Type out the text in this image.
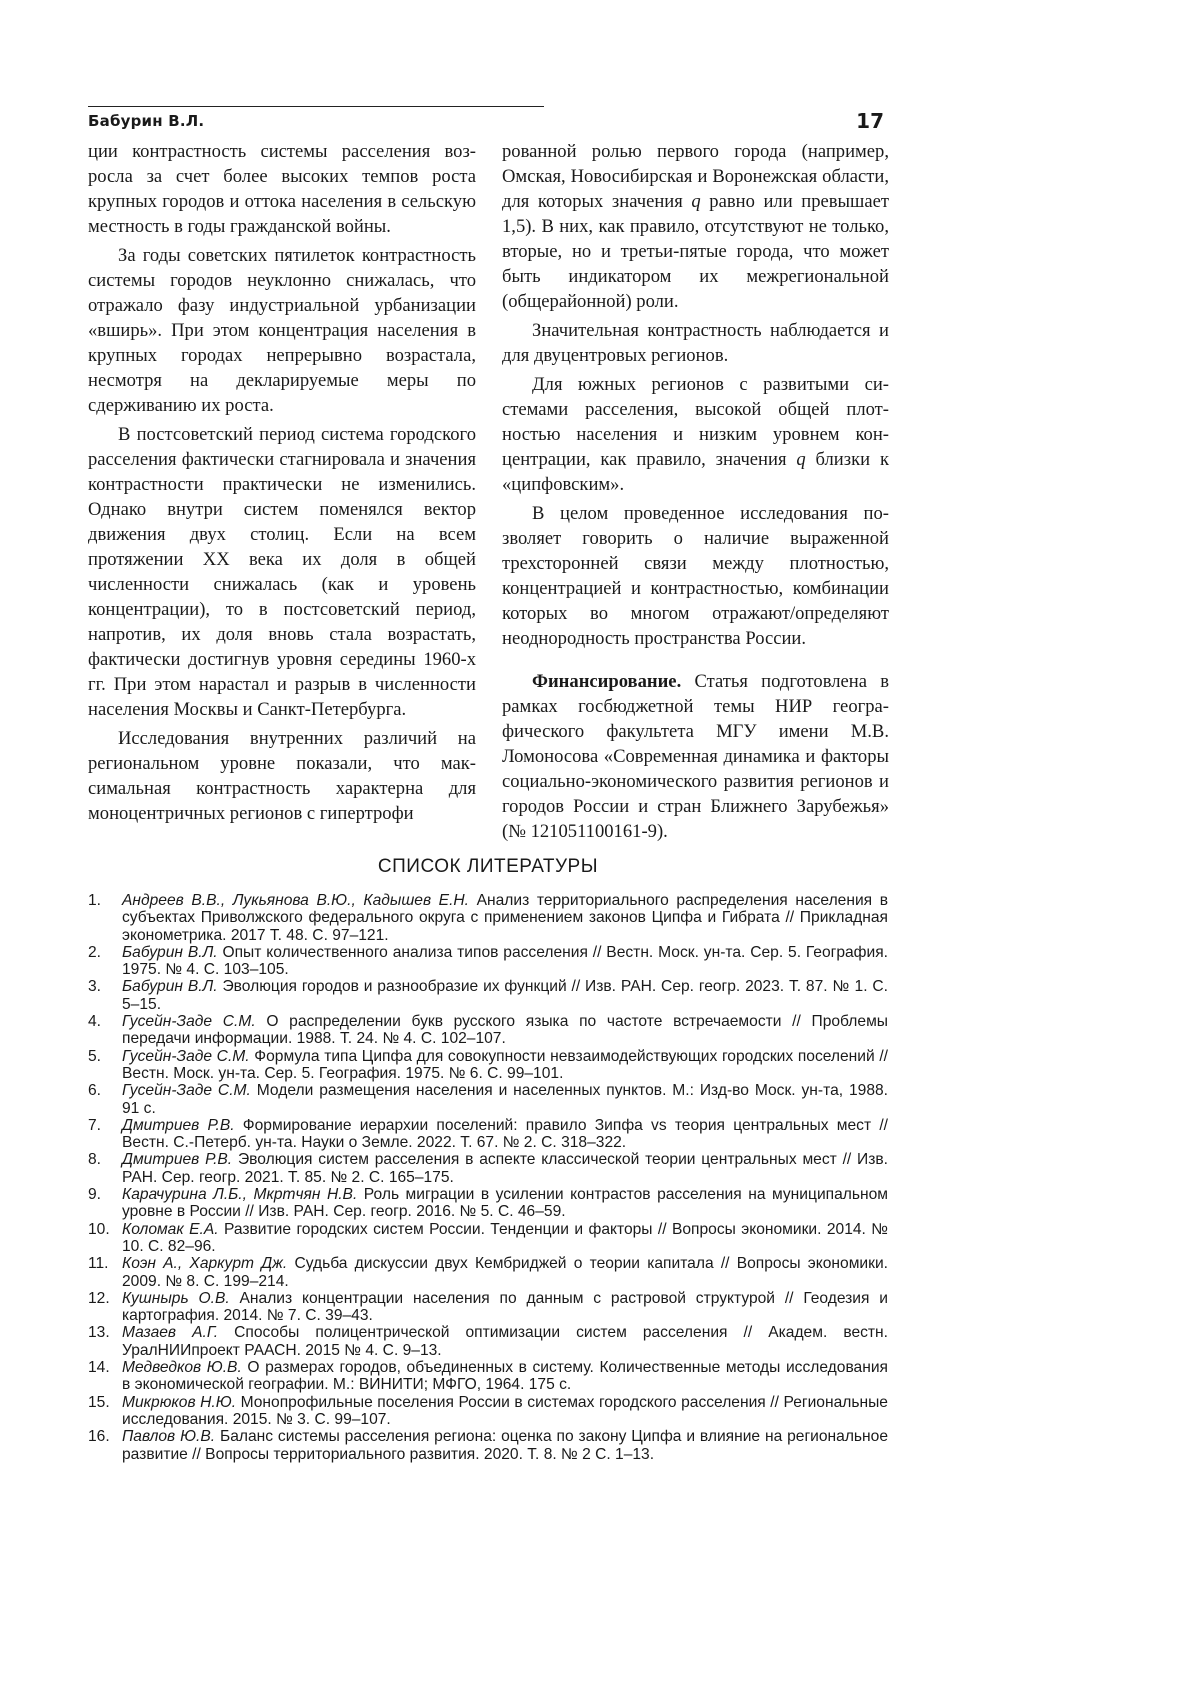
Бабурин В.Л.	17

ции контрастность системы расселения возросла за счет более высоких темпов роста крупных городов и оттока населения в сельскую местность в годы гражданской войны.

За годы советских пятилеток контрастность системы городов неуклонно снижалась, что отражало фазу индустриальной урбанизации «вширь». При этом концентрация населения в крупных городах непрерывно возрастала, несмотря на декларируемые меры по сдерживанию их роста.

В постсоветский период система городского расселения фактически стагнировала и значения контрастности практически не изменились. Однако внутри систем поменялся вектор движения двух столиц. Если на всем протяжении XX века их доля в общей численности снижалась (как и уровень концентрации), то в постсоветский период, напротив, их доля вновь стала возрастать, фактически достигнув уровня середины 1960-х гг. При этом нарастал и разрыв в численности населения Москвы и Санкт-Петербурга.

Исследования внутренних различий на региональном уровне показали, что максимальная контрастность характерна для моноцентричных регионов с гипертрофи

рованной ролью первого города (например, Омская, Новосибирская и Воронежская области, для которых значения q равно или превышает 1,5). В них, как правило, отсутствуют не только, вторые, но и третьи-пятые города, что может быть индикатором их межрегиональной (общерайонной) роли.

Значительная контрастность наблюдается и для двуцентровых регионов.

Для южных регионов с развитыми системами расселения, высокой общей плотностью населения и низким уровнем концентрации, как правило, значения q близки к «ципфовским».

В целом проведенное исследования позволяет говорить о наличие выраженной трехсторонней связи между плотностью, концентрацией и контрастностью, комбинации которых во многом отражают/определяют неоднородность пространства России.

Финансирование. Статья подготовлена в рамках госбюджетной темы НИР географического факультета МГУ имени М.В. Ломоносова «Современная динамика и факторы социально-экономического развития регионов и городов России и стран Ближнего Зарубежья» (№ 121051100161-9).

СПИСОК ЛИТЕРАТУРЫ
1.	Андреев В.В., Лукьянова В.Ю., Кадышев Е.Н. Анализ территориального распределения населения в субъектах Приволжского федерального округа с применением законов Ципфа и Гибрата // Прикладная эконометрика. 2017 Т. 48. С. 97–121.
2.	Бабурин В.Л. Опыт количественного анализа типов расселения // Вестн. Моск. ун-та. Сер. 5. География. 1975. № 4. С. 103–105.
3.	Бабурин В.Л. Эволюция городов и разнообразие их функций // Изв. РАН. Сер. геогр. 2023. Т. 87. № 1. С. 5–15.
4.	Гусейн-Заде С.М. О распределении букв русского языка по частоте встречаемости // Проблемы передачи информации. 1988. Т. 24. № 4. С. 102–107.
5.	Гусейн-Заде С.М. Формула типа Ципфа для совокупности невзаимодействующих городских поселений // Вестн. Моск. ун-та. Сер. 5. География. 1975. № 6. С. 99–101.
6.	Гусейн-Заде С.М. Модели размещения населения и населенных пунктов. М.: Изд-во Моск. ун-та, 1988. 91 с.
7.	Дмитриев Р.В. Формирование иерархии поселений: правило Зипфа vs теория центральных мест // Вестн. С.-Петерб. ун-та. Науки о Земле. 2022. Т. 67. № 2. С. 318–322.
8.	Дмитриев Р.В. Эволюция систем расселения в аспекте классической теории центральных мест // Изв. РАН. Сер. геогр. 2021. Т. 85. № 2. С. 165–175.
9.	Карачурина Л.Б., Мкртчян Н.В. Роль миграции в усилении контрастов расселения на муниципальном уровне в России // Изв. РАН. Сер. геогр. 2016. № 5. С. 46–59.
10. Коломак Е.А. Развитие городских систем России. Тенденции и факторы // Вопросы экономики. 2014. № 10. С. 82–96.
11. Коэн А., Харкурт Дж. Судьба дискуссии двух Кембриджей о теории капитала // Вопросы экономики. 2009. № 8. С. 199–214.
12. Кушнырь О.В. Анализ концентрации населения по данным с растровой структурой // Геодезия и картография. 2014. № 7. С. 39–43.
13. Мазаев А.Г. Способы полицентрической оптимизации систем расселения // Академ. вестн. УралНИИпроект РААСН. 2015 № 4. С. 9–13.
14. Медведков Ю.В. О размерах городов, объединенных в систему. Количественные методы исследования в экономической географии. М.: ВИНИТИ; МФГО, 1964. 175 с.
15. Микрюков Н.Ю. Монопрофильные поселения России в системах городского расселения // Региональные исследования. 2015. № 3. С. 99–107.
16. Павлов Ю.В. Баланс системы расселения региона: оценка по закону Ципфа и влияние на региональное развитие // Вопросы территориального развития. 2020. Т. 8. № 2 С. 1–13.
